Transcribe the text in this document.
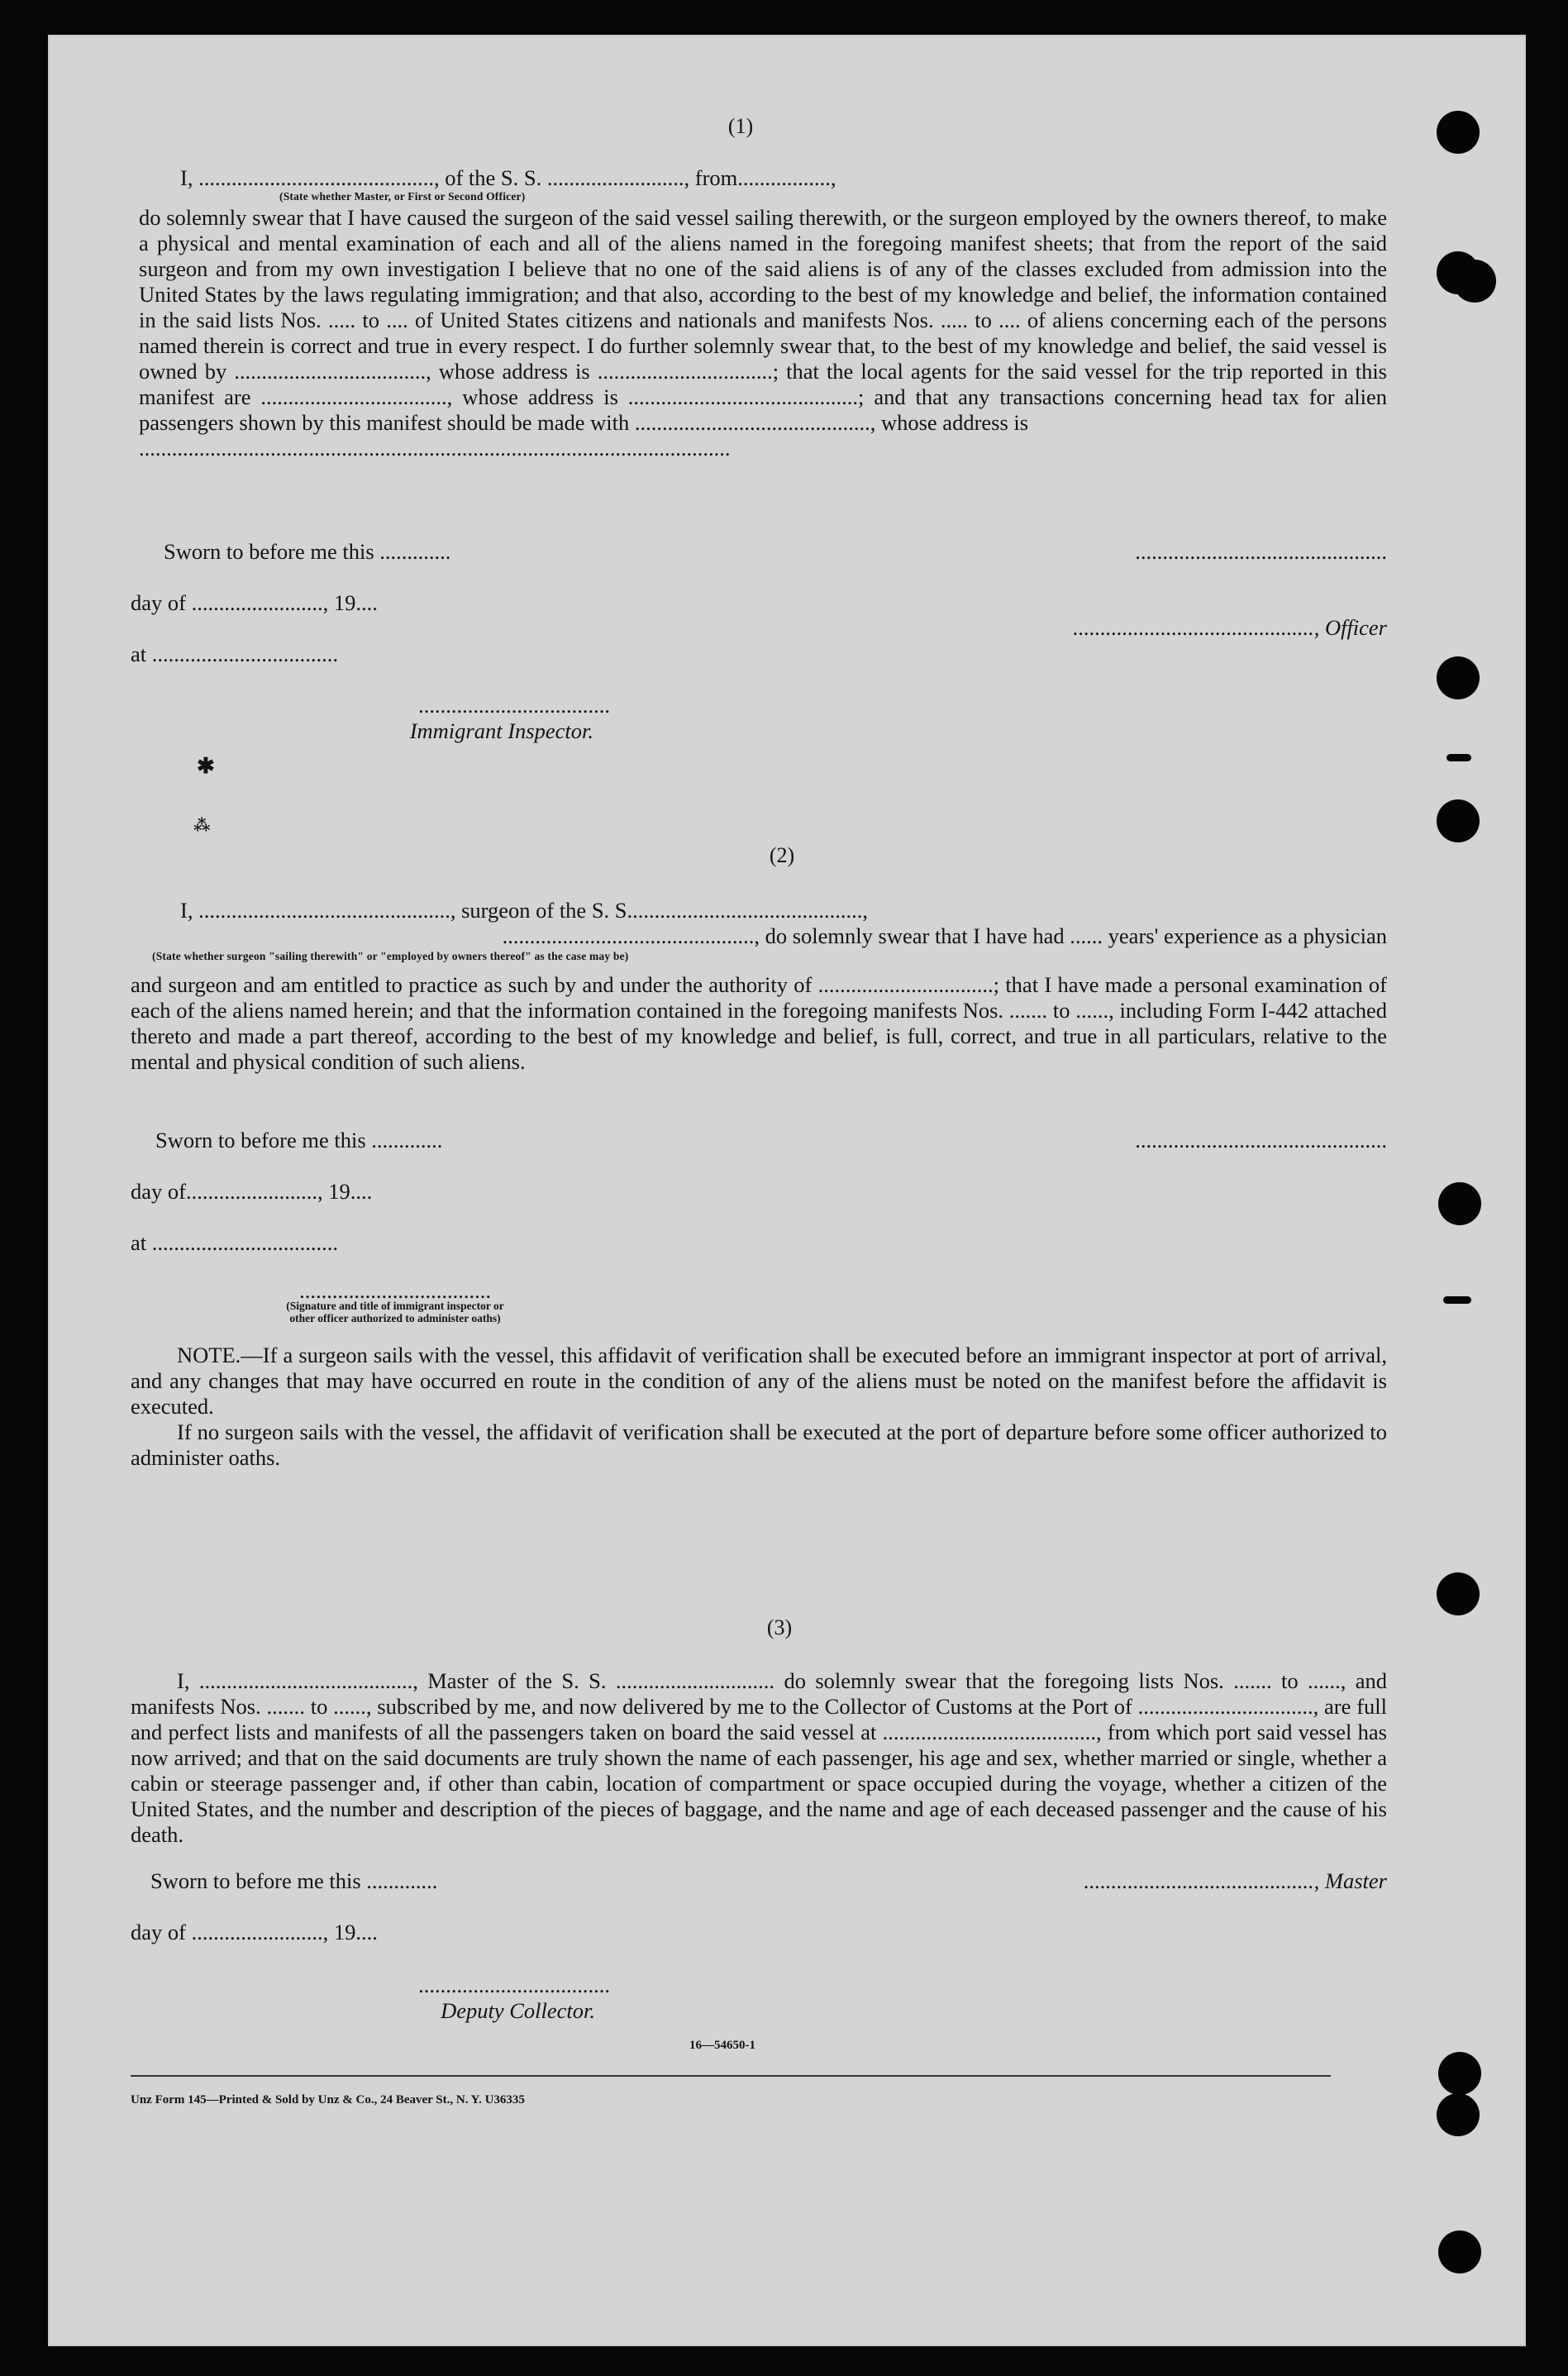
(1)

I, ..........................................., of the S. S. ........................., from.................,

(State whether Master, or First or Second Officer)

do solemnly swear that I have caused the surgeon of the said vessel sailing therewith, or the surgeon employed by the owners thereof, to make a physical and mental examination of each and all of the aliens named in the foregoing manifest sheets; that from the report of the said surgeon and from my own investigation I believe that no one of the said aliens is of any of the classes excluded from admission into the United States by the laws regulating immigration; and that also, according to the best of my knowledge and belief, the information contained in the said lists Nos. ..... to .... of United States citizens and nationals and manifests Nos. ..... to .... of aliens concerning each of the persons named therein is correct and true in every respect. I do further solemnly swear that, to the best of my knowledge and belief, the said vessel is owned by ..................................., whose address is ................................; that the local agents for the said vessel for the trip reported in this manifest are .................................., whose address is ..........................................; and that any transactions concerning head tax for alien passengers shown by this manifest should be made with ..........................................., whose address is

............................................................................................................

Sworn to before me this .............	..............................................

day of ........................, 19....

............................................, Officer

at ..................................

...................................

Immigrant Inspector.

✱
⁂
(2)

I, .............................................., surgeon of the S. S...........................................,

.............................................., do solemnly swear that I have had ...... years' experience as a physician

(State whether surgeon "sailing therewith" or "employed by owners thereof" as the case may be)

and surgeon and am entitled to practice as such by and under the authority of ................................; that I have made a personal examination of each of the aliens named herein; and that the information contained in the foregoing manifests Nos. ....... to ......, including Form I-442 attached thereto and made a part thereof, according to the best of my knowledge and belief, is full, correct, and true in all particulars, relative to the mental and physical condition of such aliens.

Sworn to before me this .............	..............................................

day of........................, 19....

at ..................................

...................................

(Signature and title of immigrant inspector or
other officer authorized to administer oaths)

NOTE.—If a surgeon sails with the vessel, this affidavit of verification shall be executed before an immigrant inspector at port of arrival, and any changes that may have occurred en route in the condition of any of the aliens must be noted on the manifest before the affidavit is executed.

If no surgeon sails with the vessel, the affidavit of verification shall be executed at the port of departure before some officer authorized to administer oaths.

(3)

I, ......................................., Master of the S. S. ............................. do solemnly swear that the foregoing lists Nos. ....... to ......, and manifests Nos. ....... to ......, subscribed by me, and now delivered by me to the Collector of Customs at the Port of ................................, are full and perfect lists and manifests of all the passengers taken on board the said vessel at ......................................., from which port said vessel has now arrived; and that on the said documents are truly shown the name of each passenger, his age and sex, whether married or single, whether a cabin or steerage passenger and, if other than cabin, location of compartment or space occupied during the voyage, whether a citizen of the United States, and the number and description of the pieces of baggage, and the name and age of each deceased passenger and the cause of his death.

Sworn to before me this .............	.........................................., Master

day of ........................, 19....

...................................

Deputy Collector.

16—54650-1
Unz Form 145—Printed & Sold by Unz & Co., 24 Beaver St., N. Y. U36335
